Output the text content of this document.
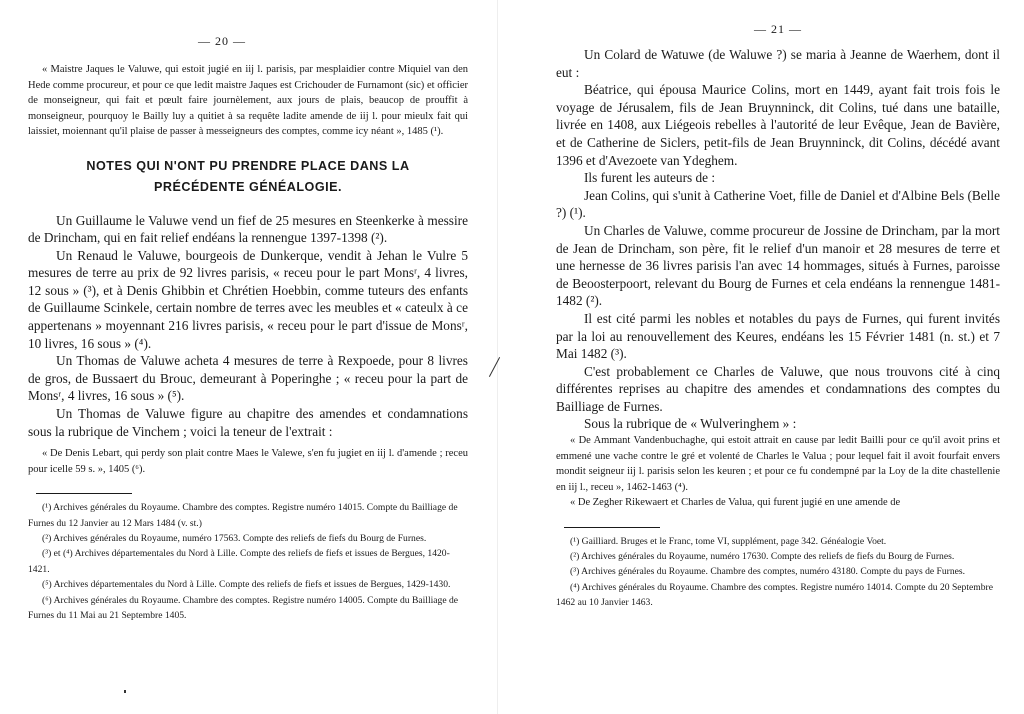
— 20 —

« Maistre Jaques le Valuwe, qui estoit jugié en iij l. parisis, par mesplaidier contre Miquiel van den Hede comme procureur, et pour ce que ledit maistre Jaques est Crichouder de Furnamont (sic) et officier de monseigneur, qui fait et pœult faire journèlement, aux jours de plais, beaucop de prouffit à monseigneur, pourquoy le Bailly luy a quitiet à sa requête ladite amende de iij l. pour mieulx fait qui laissiet, moiennant qu'il plaise de passer à messeigneurs des comptes, comme icy néant », 1485 (¹).

NOTES QUI N'ONT PU PRENDRE PLACE DANS LA
PRÉCÉDENTE GÉNÉALOGIE.

Un Guillaume le Valuwe vend un fief de 25 mesures en Steenkerke à messire de Drincham, qui en fait relief endéans la rennengue 1397-1398 (²).

Un Renaud le Valuwe, bourgeois de Dunkerque, vendit à Jehan le Vulre 5 mesures de terre au prix de 92 livres parisis, « receu pour le part Monsʳ, 4 livres, 12 sous » (³), et à Denis Ghibbin et Chrétien Hoebbin, comme tuteurs des enfants de Guillaume Scinkele, certain nombre de terres avec les meubles et « cateulx à ce appertenans » moyennant 216 livres parisis, « receu pour le part d'issue de Monsʳ, 10 livres, 16 sous » (⁴).

Un Thomas de Valuwe acheta 4 mesures de terre à Rexpoede, pour 8 livres de gros, de Bussaert du Brouc, demeurant à Poperinghe ; « receu pour la part de Monsʳ, 4 livres, 16 sous » (⁵).

Un Thomas de Valuwe figure au chapitre des amendes et condamnations sous la rubrique de Vinchem ; voici la teneur de l'extrait :

« De Denis Lebart, qui perdy son plait contre Maes le Valewe, s'en fu jugiet en iij l. d'amende ; receu pour icelle 59 s. », 1405 (⁶).

(¹) Archives générales du Royaume. Chambre des comptes. Registre numéro 14015. Compte du Bailliage de Furnes du 12 Janvier au 12 Mars 1484 (v. st.)

(²) Archives générales du Royaume, numéro 17563. Compte des reliefs de fiefs du Bourg de Furnes.

(³) et (⁴) Archives départementales du Nord à Lille. Compte des reliefs de fiefs et issues de Bergues, 1420-1421.

(⁵) Archives départementales du Nord à Lille. Compte des reliefs de fiefs et issues de Bergues, 1429-1430.

(⁶) Archives générales du Royaume. Chambre des comptes. Registre numéro 14005. Compte du Bailliage de Furnes du 11 Mai au 21 Septembre 1405.

— 21 —

Un Colard de Watuwe (de Waluwe ?) se maria à Jeanne de Waerhem, dont il eut :

Béatrice, qui épousa Maurice Colins, mort en 1449, ayant fait trois fois le voyage de Jérusalem, fils de Jean Bruynninck, dit Colins, tué dans une bataille, livrée en 1408, aux Liégeois rebelles à l'autorité de leur Evêque, Jean de Bavière, et de Catherine de Siclers, petit-fils de Jean Bruynninck, dit Colins, décédé avant 1396 et d'Avezoete van Ydeghem.

Ils furent les auteurs de :

Jean Colins, qui s'unit à Catherine Voet, fille de Daniel et d'Albine Bels (Belle ?) (¹).

Un Charles de Valuwe, comme procureur de Jossine de Drincham, par la mort de Jean de Drincham, son père, fit le relief d'un manoir et 28 mesures de terre et une hernesse de 36 livres parisis l'an avec 14 hommages, situés à Furnes, paroisse de Beoosterpoort, relevant du Bourg de Furnes et cela endéans la rennengue 1481-1482 (²).

Il est cité parmi les nobles et notables du pays de Furnes, qui furent invités par la loi au renouvellement des Keures, endéans les 15 Février 1481 (n. st.) et 7 Mai 1482 (³).

C'est probablement ce Charles de Valuwe, que nous trouvons cité à cinq différentes reprises au chapitre des amendes et condamnations des comptes du Bailliage de Furnes.

Sous la rubrique de « Wulveringhem » :

« De Ammant Vandenbuchaghe, qui estoit attrait en cause par ledit Bailli pour ce qu'il avoit prins et emmené une vache contre le gré et volenté de Charles le Valua ; pour lequel fait il avoit fourfait envers mondit seigneur iij l. parisis selon les keuren ; et pour ce fu condempné par la Loy de la dite chastellenie en iij l., receu », 1462-1463 (⁴).

« De Zegher Rikewaert et Charles de Valua, qui furent jugié en une amende de

(¹) Gailliard. Bruges et le Franc, tome VI, supplément, page 342. Généalogie Voet.

(²) Archives générales du Royaume, numéro 17630. Compte des reliefs de fiefs du Bourg de Furnes.

(³) Archives générales du Royaume. Chambre des comptes, numéro 43180. Compte du pays de Furnes.

(⁴) Archives générales du Royaume. Chambre des comptes. Registre numéro 14014. Compte du 20 Septembre 1462 au 10 Janvier 1463.
